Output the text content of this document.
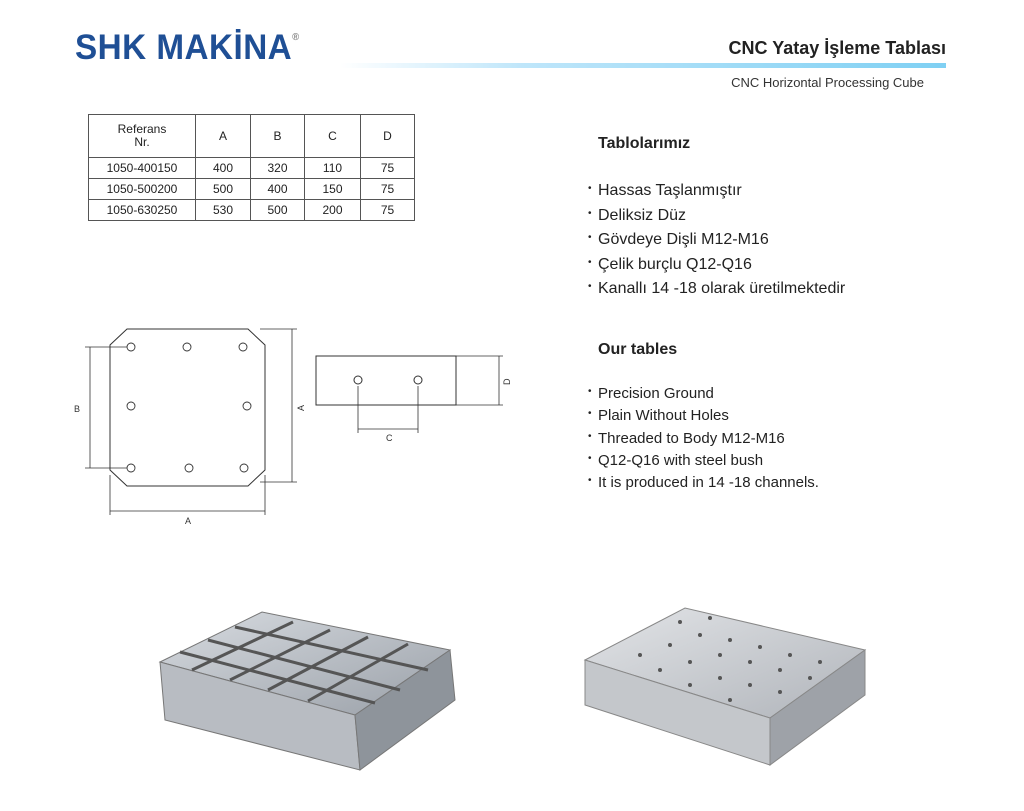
SHK MAKİNA®
CNC Yatay İşleme Tablası
CNC Horizontal Processing Cube
Referans
Nr.	A	B	C	D
1050-400150	400	320	110	75
1050-500200	500	400	150	75
1050-630250	530	500	200	75
Tablolarımız
• Hassas Taşlanmıştır
• Deliksiz Düz
• Gövdeye Dişli M12-M16
• Çelik burçlu Q12-Q16
• Kanallı 14 -18 olarak üretilmektedir
Our tables
• Precision Ground
• Plain Without Holes
• Threaded to Body M12-M16
• Q12-Q16 with steel bush
• It is produced in 14 -18 channels.
B
A
A
C
D
